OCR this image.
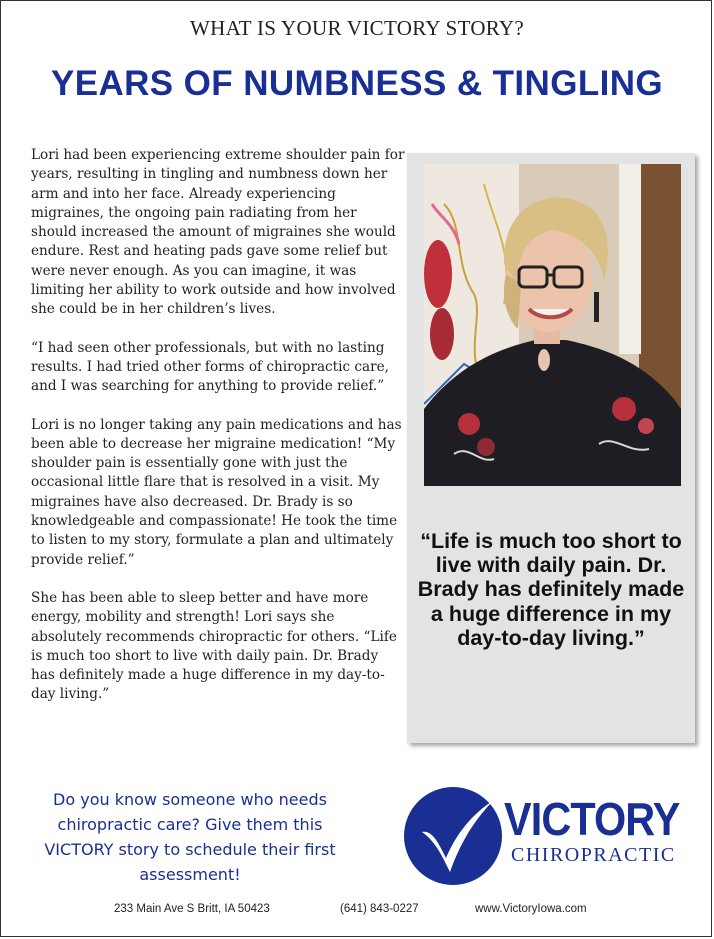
WHAT IS YOUR VICTORY STORY?
YEARS OF NUMBNESS & TINGLING

Lori had been experiencing extreme shoulder pain for years, resulting in tingling and numbness down her arm and into her face. Already experiencing migraines, the ongoing pain radiating from her should increased the amount of migraines she would endure. Rest and heating pads gave some relief but were never enough. As you can imagine, it was limiting her ability to work outside and how involved she could be in her children’s lives.

“I had seen other professionals, but with no lasting results. I had tried other forms of chiropractic care, and I was searching for anything to provide relief.”

Lori is no longer taking any pain medications and has been able to decrease her migraine medication! “My shoulder pain is essentially gone with just the occasional little flare that is resolved in a visit. My migraines have also decreased. Dr. Brady is so knowledgeable and compassionate! He took the time to listen to my story, formulate a plan and ultimately provide relief.”

She has been able to sleep better and have more energy, mobility and strength! Lori says she absolutely recommends chiropractic for others. “Life is much too short to live with daily pain. Dr. Brady has definitely made a huge difference in my day-to-day living.”

“Life is much too short to live with daily pain. Dr. Brady has definitely made a huge difference in my day-to-day living.”
Do you know someone who needs chiropractic care? Give them this VICTORY story to schedule their first assessment!
VICTORY
CHIROPRACTIC
233 Main Ave S Britt, IA 50423	(641) 843-0227	www.VictoryIowa.com
